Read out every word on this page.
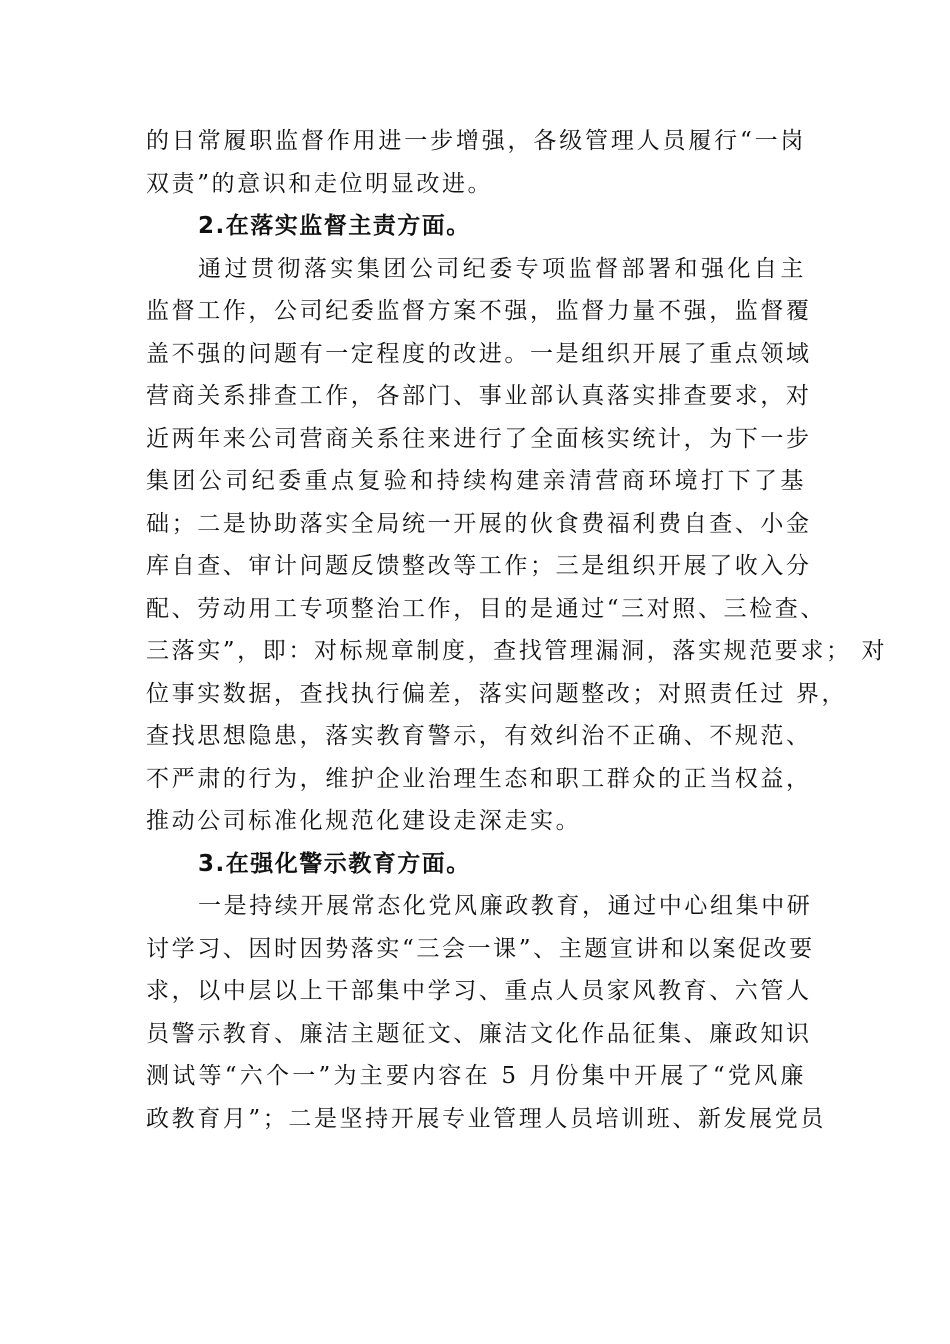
的日常履职监督作用进一步增强，各级管理人员履行“一岗
双责”的意识和走位明显改进。
2.在落实监督主责方面。
通过贯彻落实集团公司纪委专项监督部署和强化自主
监督工作，公司纪委监督方案不强，监督力量不强，监督覆
盖不强的问题有一定程度的改进。一是组织开展了重点领域
营商关系排查工作，各部门、事业部认真落实排查要求，对
近两年来公司营商关系往来进行了全面核实统计，为下一步
集团公司纪委重点复验和持续构建亲清营商环境打下了基
础；二是协助落实全局统一开展的伙食费福利费自查、小金
库自查、审计问题反馈整改等工作；三是组织开展了收入分
配、劳动用工专项整治工作，目的是通过“三对照、三检查、
三落实”，即：对标规章制度，查找管理漏洞，落实规范要求； 对
位事实数据，查找执行偏差，落实问题整改；对照责任过 界，
查找思想隐患，落实教育警示，有效纠治不正确、不规范、
不严肃的行为，维护企业治理生态和职工群众的正当权益，
推动公司标准化规范化建设走深走实。
3.在强化警示教育方面。
一是持续开展常态化党风廉政教育，通过中心组集中研
讨学习、因时因势落实“三会一课”、主题宣讲和以案促改要
求，以中层以上干部集中学习、重点人员家风教育、六管人
员警示教育、廉洁主题征文、廉洁文化作品征集、廉政知识
测试等“六个一”为主要内容在 5 月份集中开展了“党风廉
政教育月”；二是坚持开展专业管理人员培训班、新发展党员
